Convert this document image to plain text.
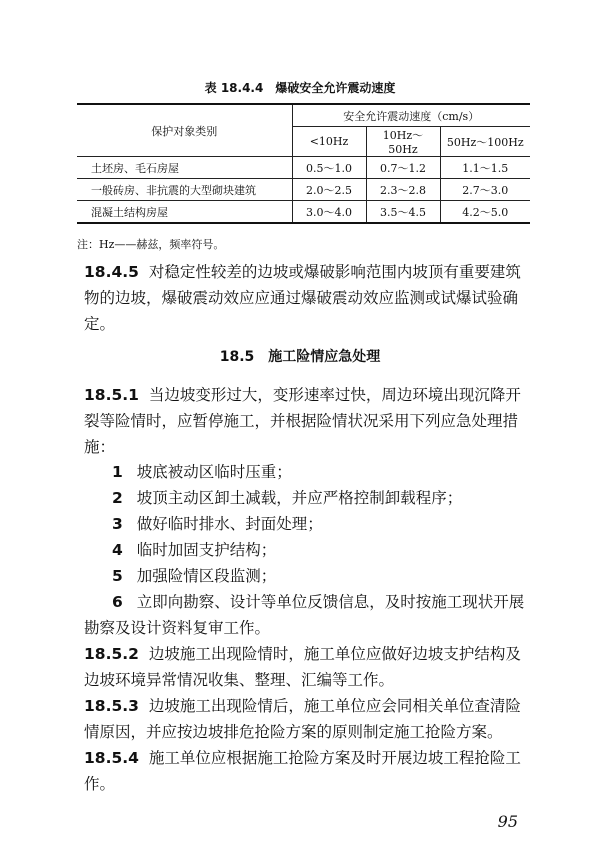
表 18.4.4 爆破安全允许震动速度
保护对象类别	安全允许震动速度（cm/s）		
	<10Hz	10Hz～50Hz	50Hz～100Hz
土坯房、毛石房屋	0.5～1.0	0.7～1.2	1.1～1.5
一般砖房、非抗震的大型砌块建筑	2.0～2.5	2.3～2.8	2.7～3.0
混凝土结构房屋	3.0～4.0	3.5～4.5	4.2～5.0
注：Hz——赫兹，频率符号。
18.4.5 对稳定性较差的边坡或爆破影响范围内坡顶有重要建筑物的边坡，爆破震动效应应通过爆破震动效应监测或试爆试验确定。
18.5 施工险情应急处理
18.5.1 当边坡变形过大，变形速率过快，周边环境出现沉降开裂等险情时，应暂停施工，并根据险情状况采用下列应急处理措施：
1 坡底被动区临时压重；
2 坡顶主动区卸土减载，并应严格控制卸载程序；
3 做好临时排水、封面处理；
4 临时加固支护结构；
5 加强险情区段监测；
6 立即向勘察、设计等单位反馈信息，及时按施工现状开展勘察及设计资料复审工作。
18.5.2 边坡施工出现险情时，施工单位应做好边坡支护结构及边坡环境异常情况收集、整理、汇编等工作。
18.5.3 边坡施工出现险情后，施工单位应会同相关单位查清险情原因，并应按边坡排危抢险方案的原则制定施工抢险方案。
18.5.4 施工单位应根据施工抢险方案及时开展边坡工程抢险工作。
95
